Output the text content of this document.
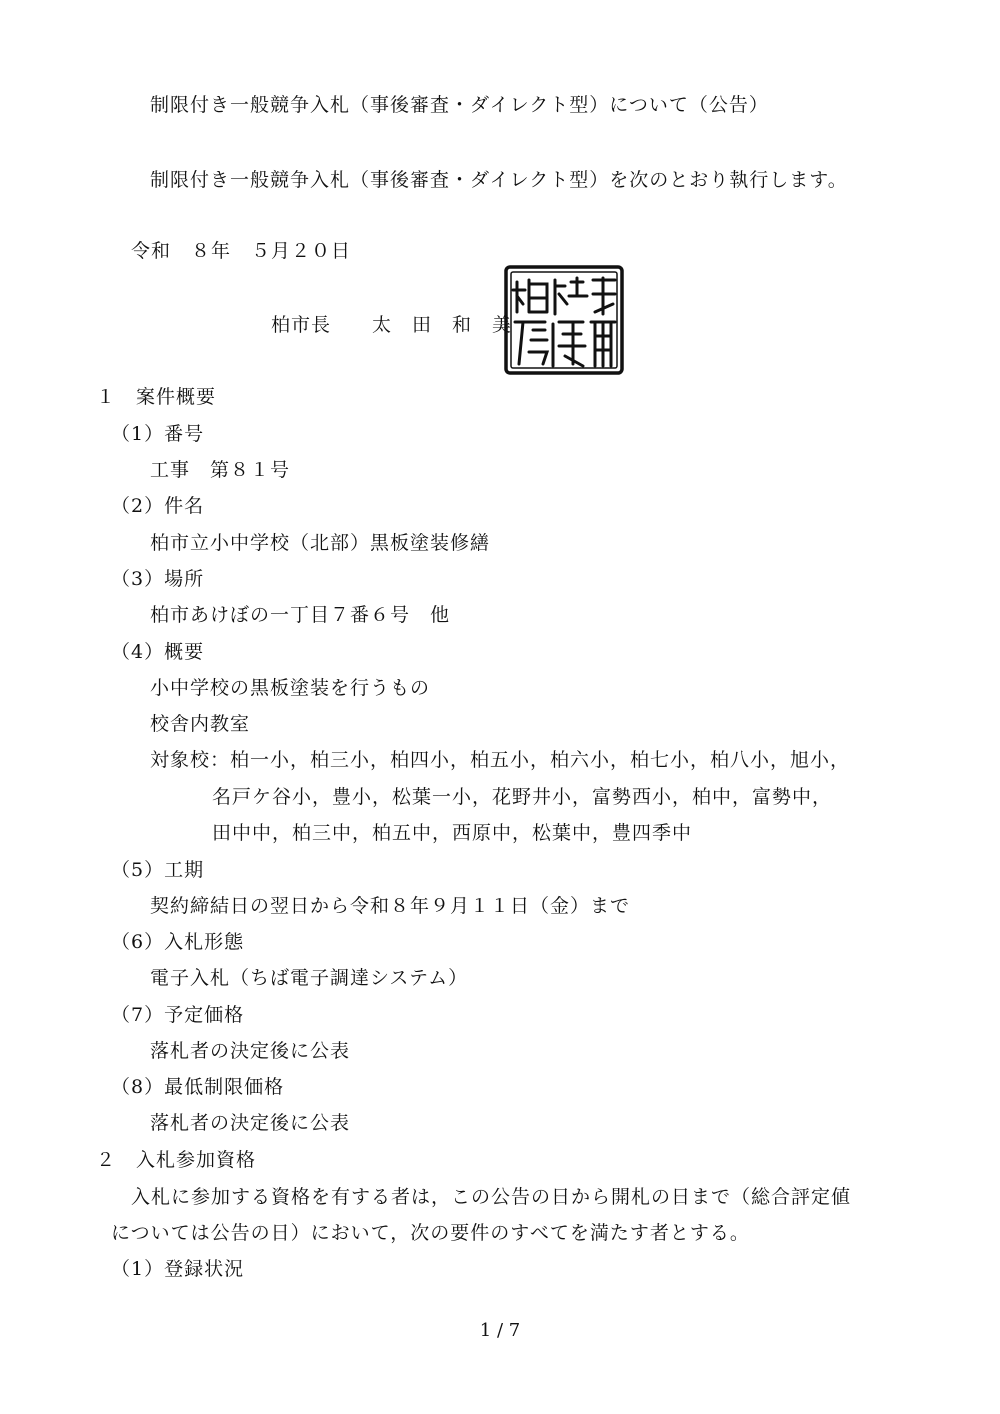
制限付き一般競争入札（事後審査・ダイレクト型）について（公告）
制限付き一般競争入札（事後審査・ダイレクト型）を次のとおり執行します。
令和　８年　５月２０日
柏市長 太　田　和　美
１　案件概要
（1）番号
工事　第８１号
（2）件名
柏市立小中学校（北部）黒板塗装修繕
（3）場所
柏市あけぼの一丁目７番６号　他
（4）概要
小中学校の黒板塗装を行うもの
校舎内教室
対象校：柏一小，柏三小，柏四小，柏五小，柏六小，柏七小，柏八小，旭小，
名戸ケ谷小，豊小，松葉一小，花野井小，富勢西小，柏中，富勢中，
田中中，柏三中，柏五中，西原中，松葉中，豊四季中
（5）工期
契約締結日の翌日から令和８年９月１１日（金）まで
（6）入札形態
電子入札（ちば電子調達システム）
（7）予定価格
落札者の決定後に公表
（8）最低制限価格
落札者の決定後に公表
２　入札参加資格
入札に参加する資格を有する者は，この公告の日から開札の日まで（総合評定値
については公告の日）において，次の要件のすべてを満たす者とする。
（1）登録状況
1 / 7
